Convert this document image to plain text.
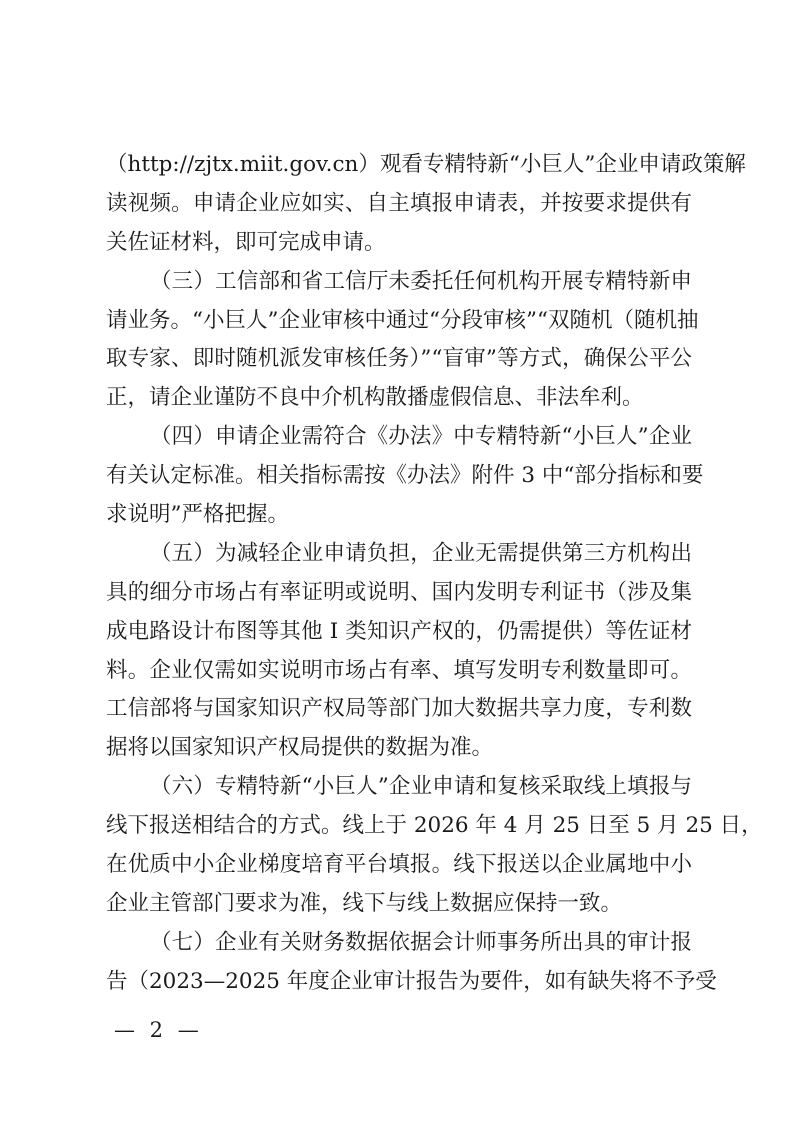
（http://zjtx.miit.gov.cn）观看专精特新“小巨人”企业申请政策解
读视频。申请企业应如实、自主填报申请表，并按要求提供有
关佐证材料，即可完成申请。
（三）工信部和省工信厅未委托任何机构开展专精特新申
请业务。“小巨人”企业审核中通过“分段审核”“双随机（随机抽
取专家、即时随机派发审核任务）”“盲审”等方式，确保公平公
正，请企业谨防不良中介机构散播虚假信息、非法牟利。
（四）申请企业需符合《办法》中专精特新“小巨人”企业
有关认定标准。相关指标需按《办法》附件 3 中“部分指标和要
求说明”严格把握。
（五）为减轻企业申请负担，企业无需提供第三方机构出
具的细分市场占有率证明或说明、国内发明专利证书（涉及集
成电路设计布图等其他 I 类知识产权的，仍需提供）等佐证材
料。企业仅需如实说明市场占有率、填写发明专利数量即可。
工信部将与国家知识产权局等部门加大数据共享力度，专利数
据将以国家知识产权局提供的数据为准。
（六）专精特新“小巨人”企业申请和复核采取线上填报与
线下报送相结合的方式。线上于 2026 年 4 月 25 日至 5 月 25 日，
在优质中小企业梯度培育平台填报。线下报送以企业属地中小
企业主管部门要求为准，线下与线上数据应保持一致。
（七）企业有关财务数据依据会计师事务所出具的审计报
告（2023—2025 年度企业审计报告为要件，如有缺失将不予受
— 2 —
